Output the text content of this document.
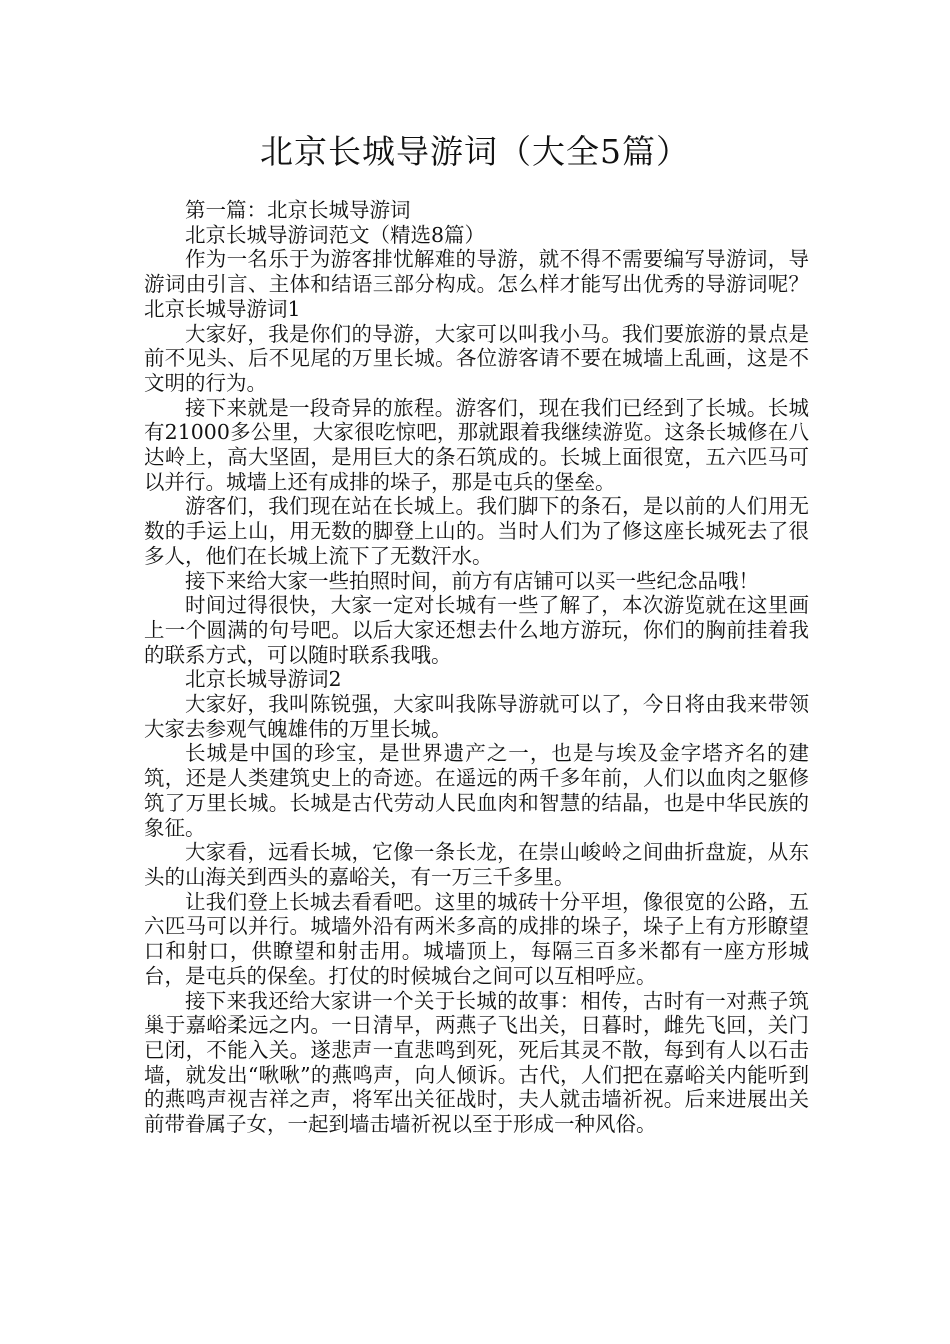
北京长城导游词（大全5篇）

第一篇：北京长城导游词

北京长城导游词范文（精选8篇）

作为一名乐于为游客排忧解难的导游，就不得不需要编写导游词，导游词由引言、主体和结语三部分构成。怎么样才能写出优秀的导游词呢？北京长城导游词1

大家好，我是你们的导游，大家可以叫我小马。我们要旅游的景点是前不见头、后不见尾的万里长城。各位游客请不要在城墙上乱画，这是不文明的行为。

接下来就是一段奇异的旅程。游客们，现在我们已经到了长城。长城有21000多公里，大家很吃惊吧，那就跟着我继续游览。这条长城修在八达岭上，高大坚固，是用巨大的条石筑成的。长城上面很宽，五六匹马可以并行。城墙上还有成排的垛子，那是屯兵的堡垒。

游客们，我们现在站在长城上。我们脚下的条石，是以前的人们用无数的手运上山，用无数的脚登上山的。当时人们为了修这座长城死去了很多人，他们在长城上流下了无数汗水。

接下来给大家一些拍照时间，前方有店铺可以买一些纪念品哦！

时间过得很快，大家一定对长城有一些了解了，本次游览就在这里画上一个圆满的句号吧。以后大家还想去什么地方游玩，你们的胸前挂着我的联系方式，可以随时联系我哦。

北京长城导游词2

大家好，我叫陈锐强，大家叫我陈导游就可以了，今日将由我来带领大家去参观气魄雄伟的万里长城。

长城是中国的珍宝，是世界遗产之一，也是与埃及金字塔齐名的建筑，还是人类建筑史上的奇迹。在遥远的两千多年前，人们以血肉之躯修筑了万里长城。长城是古代劳动人民血肉和智慧的结晶，也是中华民族的象征。

大家看，远看长城，它像一条长龙，在崇山峻岭之间曲折盘旋，从东头的山海关到西头的嘉峪关，有一万三千多里。

让我们登上长城去看看吧。这里的城砖十分平坦，像很宽的公路，五六匹马可以并行。城墙外沿有两米多高的成排的垛子，垛子上有方形瞭望口和射口，供瞭望和射击用。城墙顶上，每隔三百多米都有一座方形城台，是屯兵的保垒。打仗的时候城台之间可以互相呼应。

接下来我还给大家讲一个关于长城的故事：相传，古时有一对燕子筑巢于嘉峪柔远之内。一日清早，两燕子飞出关，日暮时，雌先飞回，关门已闭，不能入关。遂悲声一直悲鸣到死，死后其灵不散，每到有人以石击墙，就发出“啾啾”的燕鸣声，向人倾诉。古代，人们把在嘉峪关内能听到的燕鸣声视吉祥之声，将军出关征战时，夫人就击墙祈祝。后来进展出关前带眷属子女，一起到墙击墙祈祝以至于形成一种风俗。
